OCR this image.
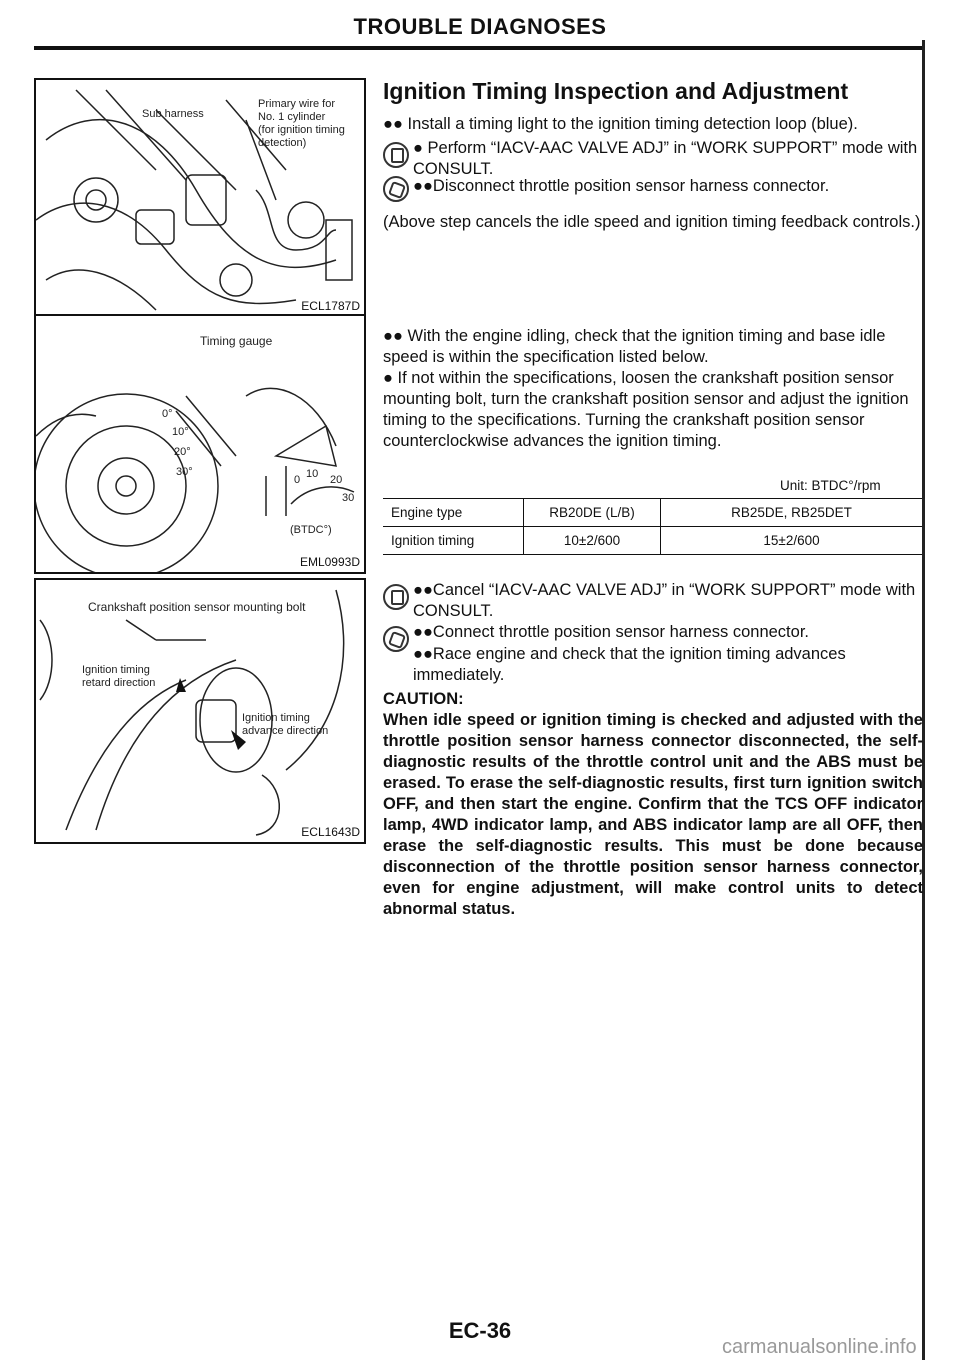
TROUBLE DIAGNOSES
Sub harness
Primary wire for
No. 1 cylinder
(for ignition timing
detection)
ECL1787D
Timing gauge
0°
10°
20°
30°
0 10 20
30
(BTDC°)
EML0993D
Crankshaft position sensor mounting bolt
Ignition timing
retard direction
Ignition timing
advance direction
ECL1643D
Ignition Timing Inspection and Adjustment
●● Install a timing light to the ignition timing detection loop (blue).
● Perform “IACV-AAC VALVE ADJ” in “WORK SUPPORT” mode with CONSULT.
●●Disconnect throttle position sensor harness connector.
(Above step cancels the idle speed and ignition timing feedback controls.)
●● With the engine idling, check that the ignition timing and base idle speed is within the specification listed below.
● If not within the specifications, loosen the crankshaft position sensor mounting bolt, turn the crankshaft position sensor and adjust the ignition timing to the specifications. Turning the crankshaft position sensor counterclockwise advances the ignition timing.
Unit: BTDC°/rpm
Engine type	RB20DE (L/B)	RB25DE, RB25DET
Ignition timing	10±2/600	15±2/600
●●Cancel “IACV-AAC VALVE ADJ” in “WORK SUPPORT” mode with CONSULT.
●●Connect throttle position sensor harness connector.
●●Race engine and check that the ignition timing advances immediately.
CAUTION:
When idle speed or ignition timing is checked and adjusted with the throttle position sensor harness connector disconnected, the self-diagnostic results of the throttle control unit and the ABS must be erased. To erase the self-diagnostic results, first turn ignition switch OFF, and then start the engine. Confirm that the TCS OFF indicator lamp, 4WD indicator lamp, and ABS indicator lamp are all OFF, then erase the self-diagnostic results. This must be done because disconnection of the throttle position sensor harness connector, even for engine adjustment, will make control units to detect abnormal status.
EC-36
carmanualsonline.info
